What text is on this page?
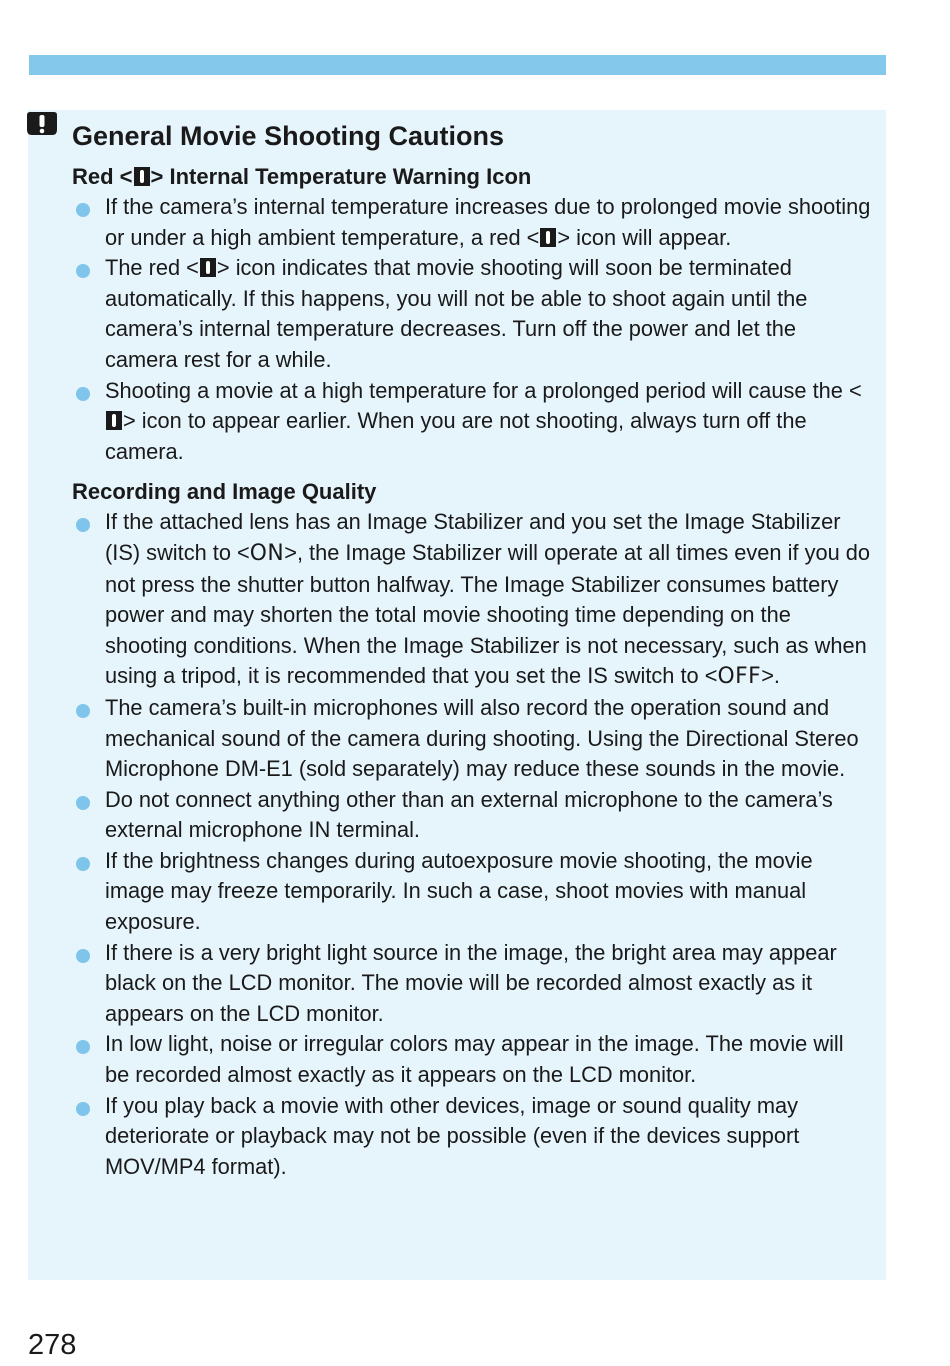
General Movie Shooting Cautions
Red < > Internal Temperature Warning Icon
If the camera’s internal temperature increases due to prolonged movie shooting or under a high ambient temperature, a red < > icon will appear.
The red < > icon indicates that movie shooting will soon be terminated automatically. If this happens, you will not be able to shoot again until the camera’s internal temperature decreases. Turn off the power and let the camera rest for a while.
Shooting a movie at a high temperature for a prolonged period will cause the <> icon to appear earlier. When you are not shooting, always turn off the camera.
Recording and Image Quality
If the attached lens has an Image Stabilizer and you set the Image Stabilizer (IS) switch to <ON>, the Image Stabilizer will operate at all times even if you do not press the shutter button halfway. The Image Stabilizer consumes battery power and may shorten the total movie shooting time depending on the shooting conditions. When the Image Stabilizer is not necessary, such as when using a tripod, it is recommended that you set the IS switch to <OFF>.
The camera’s built-in microphones will also record the operation sound and mechanical sound of the camera during shooting. Using the Directional Stereo Microphone DM-E1 (sold separately) may reduce these sounds in the movie.
Do not connect anything other than an external microphone to the camera’s external microphone IN terminal.
If the brightness changes during autoexposure movie shooting, the movie image may freeze temporarily. In such a case, shoot movies with manual exposure.
If there is a very bright light source in the image, the bright area may appear black on the LCD monitor. The movie will be recorded almost exactly as it appears on the LCD monitor.
In low light, noise or irregular colors may appear in the image. The movie will be recorded almost exactly as it appears on the LCD monitor.
If you play back a movie with other devices, image or sound quality may deteriorate or playback may not be possible (even if the devices support MOV/MP4 format).
278
